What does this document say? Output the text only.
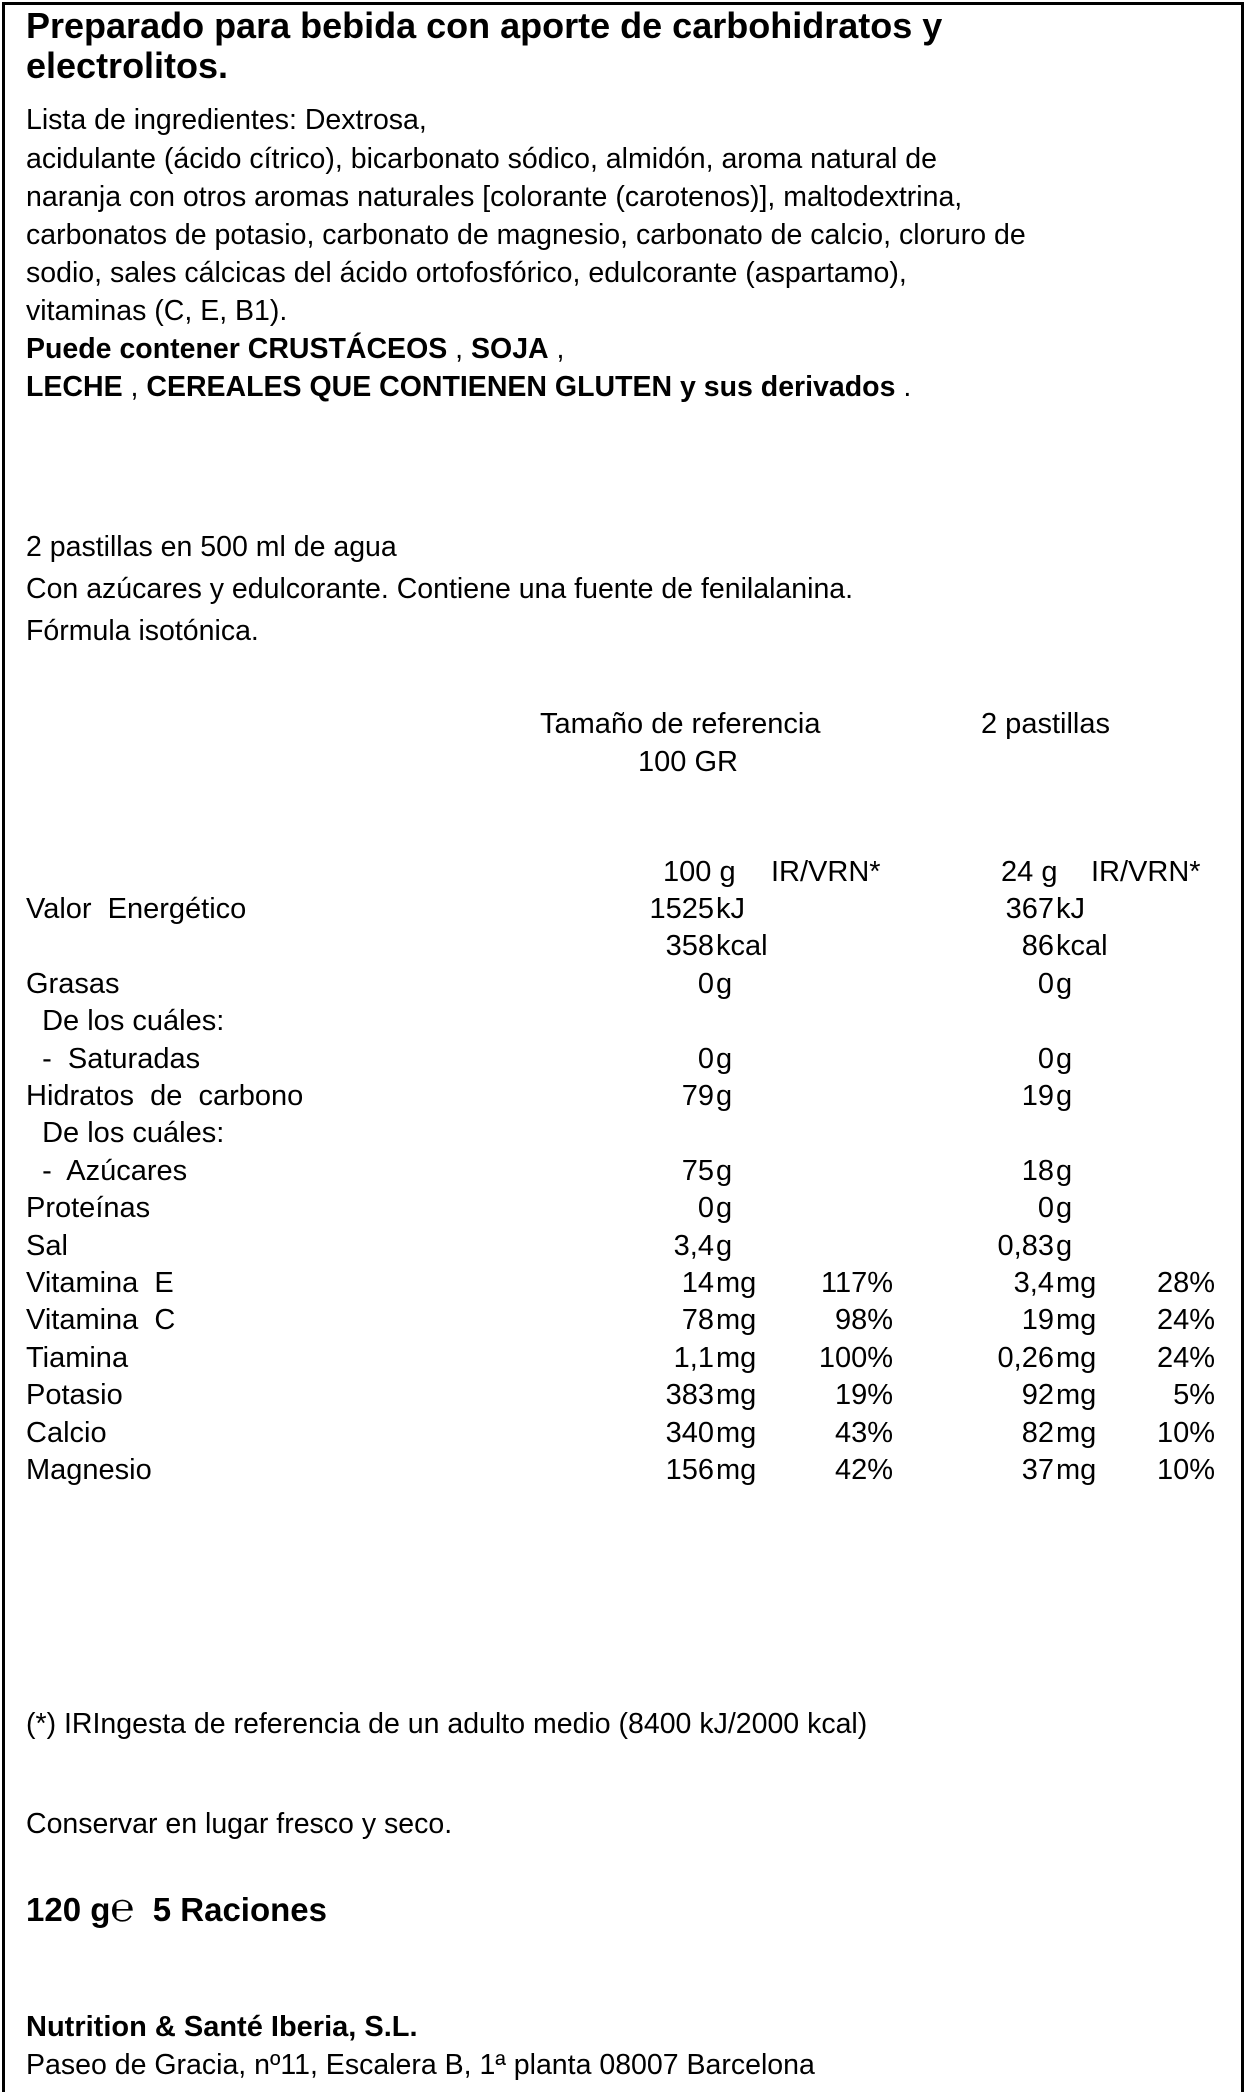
Preparado para bebida con aporte de carbohidratos y
electrolitos.
Lista de ingredientes: Dextrosa,
acidulante (ácido cítrico), bicarbonato sódico, almidón, aroma natural de
naranja con otros aromas naturales [colorante (carotenos)], maltodextrina,
carbonatos de potasio, carbonato de magnesio, carbonato de calcio, cloruro de
sodio, sales cálcicas del ácido ortofosfórico, edulcorante (aspartamo),
vitaminas (C, E, B1).
Puede contener CRUSTÁCEOS , SOJA ,
LECHE , CEREALES QUE CONTIENEN GLUTEN y sus derivados .
2 pastillas en 500 ml de agua
Con azúcares y edulcorante. Contiene una fuente de fenilalanina.
Fórmula isotónica.
Tamaño de referencia
100 GR
2 pastillas
100 g IR/VRN*	24 g IR/VRN*
Valor  Energético	1525 kJ	367 kJ
358 kcal	86 kcal
Grasas	0 g	0 g
De los cuáles:
-  Saturadas	0 g	0 g
Hidratos  de  carbono	79 g	19 g
De los cuáles:
-  Azúcares	75 g	18 g
Proteínas	0 g	0 g
Sal	3,4 g	0,83 g
Vitamina  E	14 mg 117%	3,4 mg 28%
Vitamina  C	78 mg	98%	19 mg 24%
Tiamina	1,1 mg 100%	0,26 mg 24%
Potasio	383 mg	19%	92 mg	5%
Calcio	340 mg	43%	82 mg 10%
Magnesio	156 mg	42%	37 mg 10%
(*) IRIngesta de referencia de un adulto medio (8400 kJ/2000 kcal)
Conservar en lugar fresco y seco.
120 g℮ 5 Raciones
Nutrition & Santé Iberia, S.L.
Paseo de Gracia, nº11, Escalera B, 1ª planta 08007 Barcelona
